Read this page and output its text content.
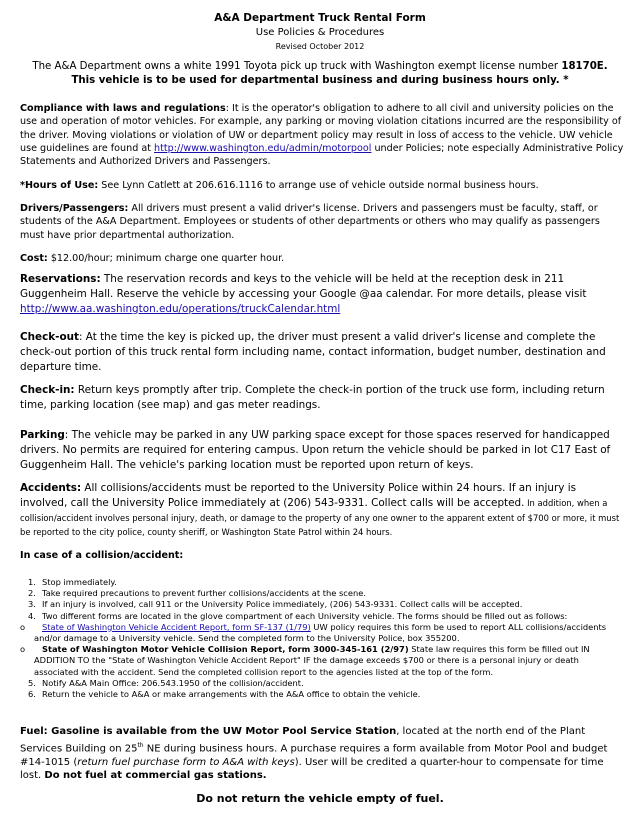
A&A Department Truck Rental Form
Use Policies & Procedures
Revised October 2012
The A&A Department owns a white 1991 Toyota pick up truck with Washington exempt license number 18170E.
This vehicle is to be used for departmental business and during business hours only. *

Compliance with laws and regulations: It is the operator's obligation to adhere to all civil and university policies on the use and operation of motor vehicles. For example, any parking or moving violation citations incurred are the responsibility of the driver. Moving violations or violation of UW or department policy may result in loss of access to the vehicle. UW vehicle use guidelines are found at http://www.washington.edu/admin/motorpool under Policies; note especially Administrative Policy Statements and Authorized Drivers and Passengers.

*Hours of Use: See Lynn Catlett at 206.616.1116 to arrange use of vehicle outside normal business hours.

Drivers/Passengers: All drivers must present a valid driver's license. Drivers and passengers must be faculty, staff, or students of the A&A Department. Employees or students of other departments or others who may qualify as passengers must have prior departmental authorization.

Cost: $12.00/hour; minimum charge one quarter hour.

Reservations: The reservation records and keys to the vehicle will be held at the reception desk in 211 Guggenheim Hall. Reserve the vehicle by accessing your Google @aa calendar. For more details, please visit
http://www.aa.washington.edu/operations/truckCalendar.html

Check-out: At the time the key is picked up, the driver must present a valid driver's license and complete the check-out portion of this truck rental form including name, contact information, budget number, destination and departure time.

Check-in: Return keys promptly after trip. Complete the check-in portion of the truck use form, including return time, parking location (see map) and gas meter readings.

Parking: The vehicle may be parked in any UW parking space except for those spaces reserved for handicapped drivers. No permits are required for entering campus. Upon return the vehicle should be parked in lot C17 East of Guggenheim Hall. The vehicle's parking location must be reported upon return of keys.

Accidents: All collisions/accidents must be reported to the University Police within 24 hours. If an injury is involved, call the University Police immediately at (206) 543-9331. Collect calls will be accepted. In addition, when a collision/accident involves personal injury, death, or damage to the property of any one owner to the apparent extent of $700 or more, it must be reported to the city police, county sheriff, or Washington State Patrol within 24 hours.

In case of a collision/accident:

1. Stop immediately.
2. Take required precautions to prevent further collisions/accidents at the scene.
3. If an injury is involved, call 911 or the University Police immediately, (206) 543-9331. Collect calls will be accepted.
4. Two different forms are located in the glove compartment of each University vehicle. The forms should be filled out as follows:
o State of Washington Vehicle Accident Report, form SF-137 (1/79) UW policy requires this form be used to report ALL collisions/accidents and/or damage to a University vehicle. Send the completed form to the University Police, box 355200.
o State of Washington Motor Vehicle Collision Report, form 3000-345-161 (2/97) State law requires this form be filled out IN ADDITION TO the "State of Washington Vehicle Accident Report" IF the damage exceeds $700 or there is a personal injury or death associated with the accident. Send the completed collision report to the agencies listed at the top of the form.
5. Notify A&A Main Office: 206.543.1950 of the collision/accident.
6. Return the vehicle to A&A or make arrangements with the A&A office to obtain the vehicle.

Fuel: Gasoline is available from the UW Motor Pool Service Station, located at the north end of the Plant Services Building on 25th NE during business hours. A purchase requires a form available from Motor Pool and budget #14-1015 (return fuel purchase form to A&A with keys). User will be credited a quarter-hour to compensate for time lost. Do not fuel at commercial gas stations.

Do not return the vehicle empty of fuel.
